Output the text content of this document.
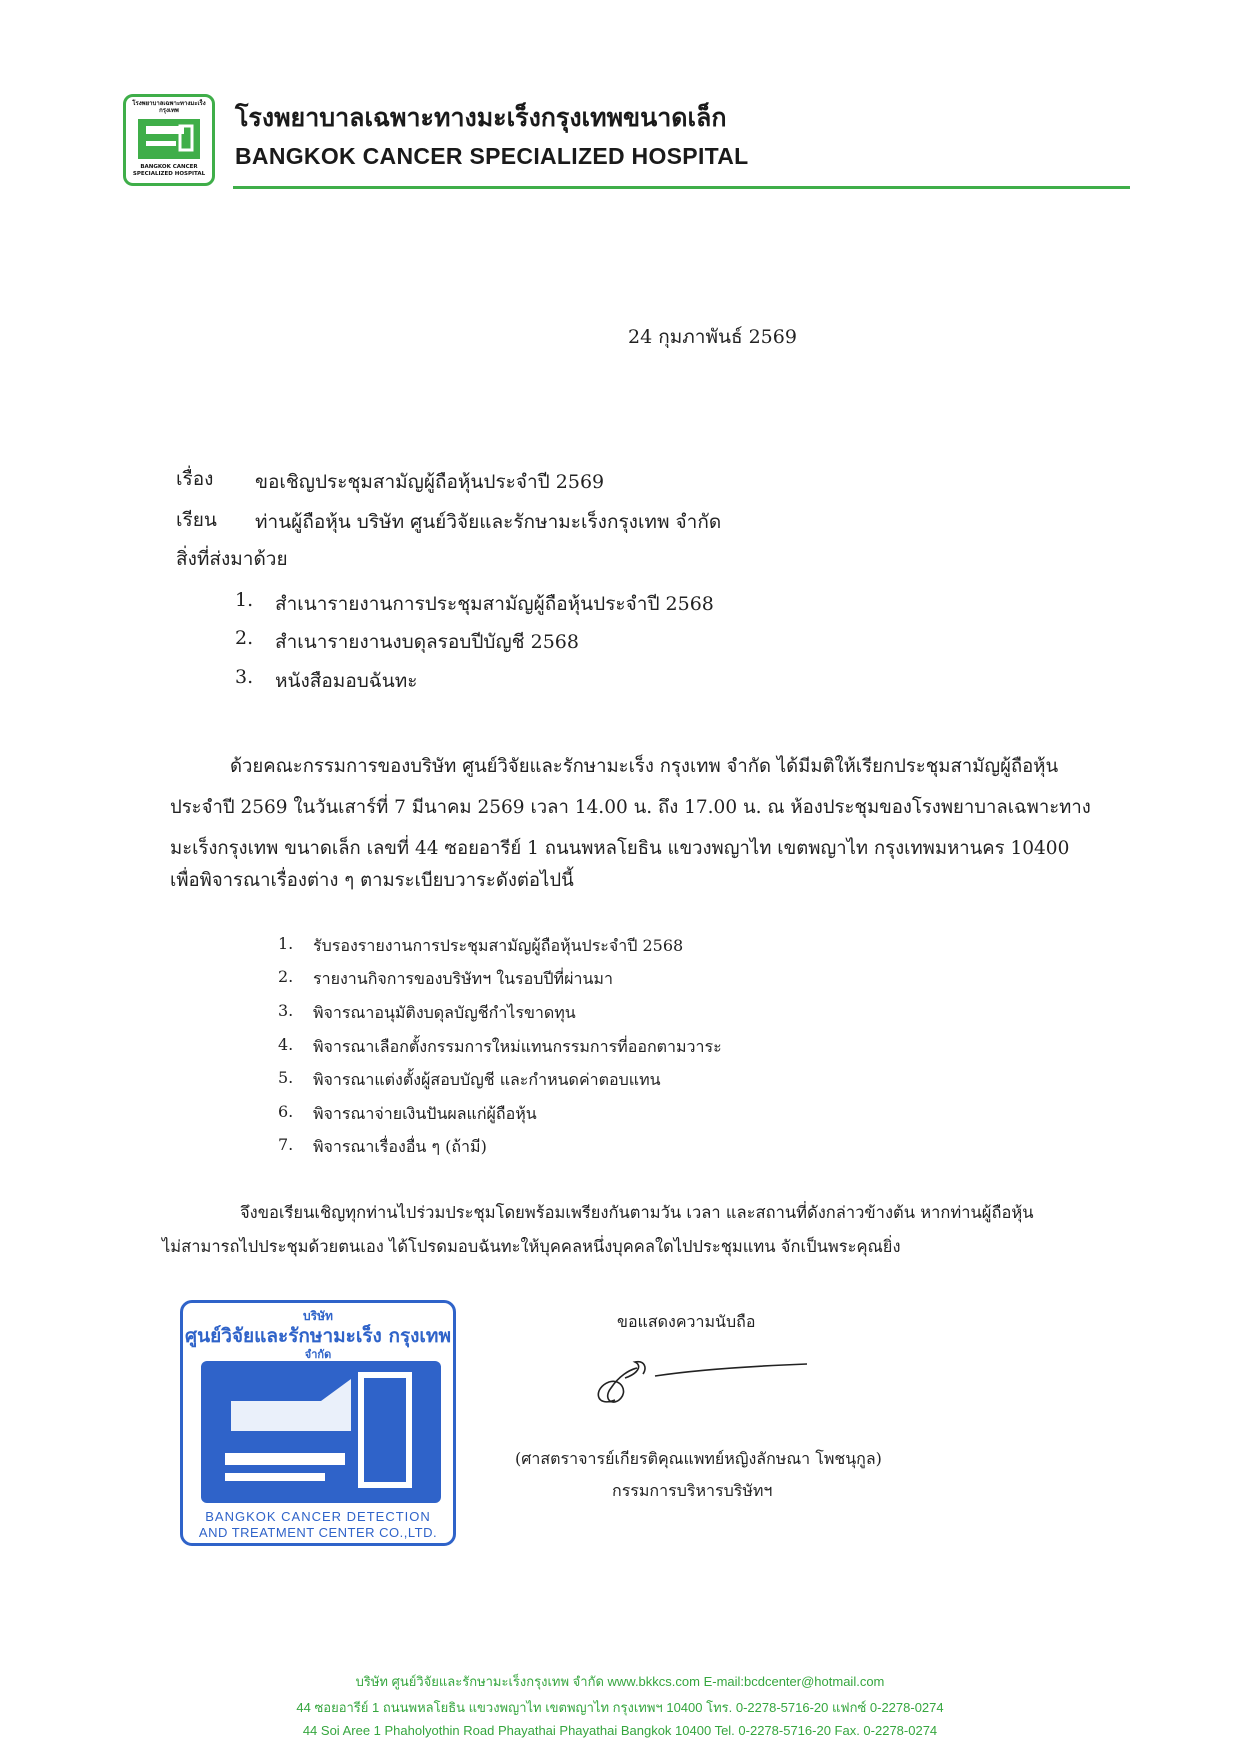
โรงพยาบาลเฉพาะทางมะเร็งกรุงเทพ
BANGKOK CANCER SPECIALIZED HOSPITAL
โรงพยาบาลเฉพาะทางมะเร็งกรุงเทพขนาดเล็ก
BANGKOK CANCER SPECIALIZED HOSPITAL
24 กุมภาพันธ์ 2569
เรื่อง ขอเชิญประชุมสามัญผู้ถือหุ้นประจำปี 2569
เรียน ท่านผู้ถือหุ้น บริษัท ศูนย์วิจัยและรักษามะเร็งกรุงเทพ จำกัด
สิ่งที่ส่งมาด้วย
1. สำเนารายงานการประชุมสามัญผู้ถือหุ้นประจำปี 2568
2. สำเนารายงานงบดุลรอบปีบัญชี 2568
3. หนังสือมอบฉันทะ
ด้วยคณะกรรมการของบริษัท ศูนย์วิจัยและรักษามะเร็ง กรุงเทพ จำกัด ได้มีมติให้เรียกประชุมสามัญผู้ถือหุ้น
ประจำปี 2569 ในวันเสาร์ที่ 7 มีนาคม 2569 เวลา 14.00 น. ถึง 17.00 น. ณ ห้องประชุมของโรงพยาบาลเฉพาะทาง
มะเร็งกรุงเทพ ขนาดเล็ก เลขที่ 44 ซอยอารีย์ 1 ถนนพหลโยธิน แขวงพญาไท เขตพญาไท กรุงเทพมหานคร 10400
เพื่อพิจารณาเรื่องต่าง ๆ ตามระเบียบวาระดังต่อไปนี้
1. รับรองรายงานการประชุมสามัญผู้ถือหุ้นประจำปี 2568
2. รายงานกิจการของบริษัทฯ ในรอบปีที่ผ่านมา
3. พิจารณาอนุมัติงบดุลบัญชีกำไรขาดทุน
4. พิจารณาเลือกตั้งกรรมการใหม่แทนกรรมการที่ออกตามวาระ
5. พิจารณาแต่งตั้งผู้สอบบัญชี และกำหนดค่าตอบแทน
6. พิจารณาจ่ายเงินปันผลแก่ผู้ถือหุ้น
7. พิจารณาเรื่องอื่น ๆ (ถ้ามี)
จึงขอเรียนเชิญทุกท่านไปร่วมประชุมโดยพร้อมเพรียงกันตามวัน เวลา และสถานที่ดังกล่าวข้างต้น หากท่านผู้ถือหุ้น
ไม่สามารถไปประชุมด้วยตนเอง ได้โปรดมอบฉันทะให้บุคคลหนึ่งบุคคลใดไปประชุมแทน จักเป็นพระคุณยิ่ง
บริษัท
ศูนย์วิจัยและรักษามะเร็ง กรุงเทพ
จำกัด
BANGKOK CANCER DETECTION
AND TREATMENT CENTER CO.,LTD.
ขอแสดงความนับถือ
(ศาสตราจารย์เกียรติคุณแพทย์หญิงลักษณา โพชนุกูล)
กรรมการบริหารบริษัทฯ
บริษัท ศูนย์วิจัยและรักษามะเร็งกรุงเทพ จำกัด www.bkkcs.com E-mail:bcdcenter@hotmail.com
44 ซอยอารีย์ 1 ถนนพหลโยธิน แขวงพญาไท เขตพญาไท กรุงเทพฯ 10400 โทร. 0-2278-5716-20 แฟกซ์ 0-2278-0274
44 Soi Aree 1 Phaholyothin Road Phayathai Phayathai Bangkok 10400 Tel. 0-2278-5716-20 Fax. 0-2278-0274
